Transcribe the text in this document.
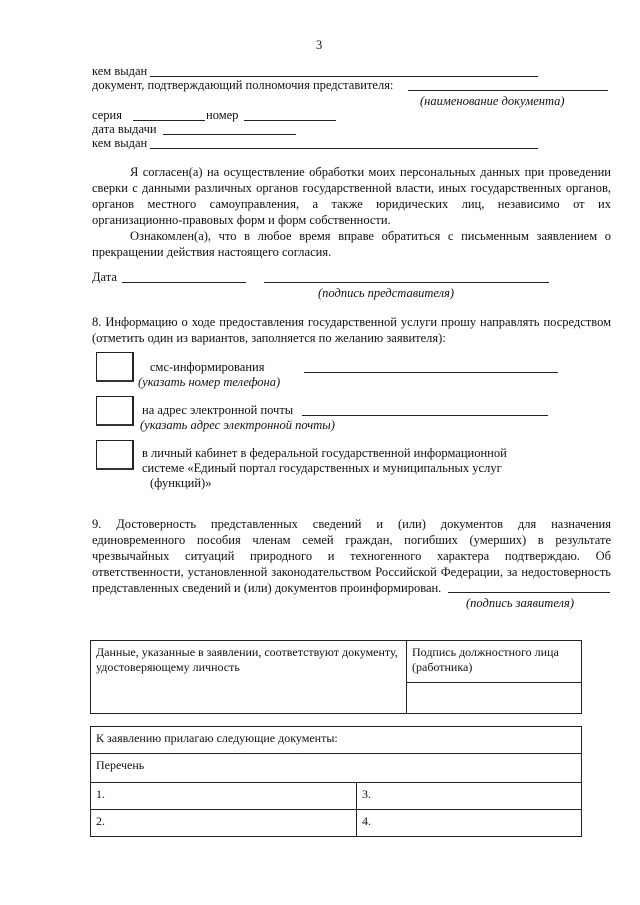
3
кем выдан
документ, подтверждающий полномочия представителя:
(наименование документа)
серия	номер
дата выдачи
кем выдан

Я согласен(а) на осуществление обработки моих персональных данных при проведении сверки с данными различных органов государственной власти, иных государственных органов, органов местного самоуправления, а также юридических лиц, независимо от их организационно-правовых форм и форм собственности.

Ознакомлен(а), что в любое время вправе обратиться с письменным заявлением о прекращении действия настоящего согласия.

Дата
(подпись представителя)
8. Информацию о ходе предоставления государственной услуги прошу направлять посредством (отметить один из вариантов, заполняется по желанию заявителя):
смс-информирования
(указать номер телефона)
на адрес электронной почты
(указать адрес электронной почты)
в личный кабинет в федеральной государственной информационной
системе «Единый портал государственных и муниципальных услуг
(функций)»
9. Достоверность представленных сведений и (или) документов для назначения единовременного пособия членам семей граждан, погибших (умерших) в результате чрезвычайных ситуаций природного и техногенного характера подтверждаю. Об ответственности, установленной законодательством Российской Федерации, за недостоверность представленных сведений и (или) документов проинформирован.
(подпись заявителя)
Данные, указанные в заявлении, соответствуют документу, удостоверяющему личность	Подпись должностного лица (работника)

К заявлению прилагаю следующие документы:	
Перечень	
1.	3.
2.	4.
